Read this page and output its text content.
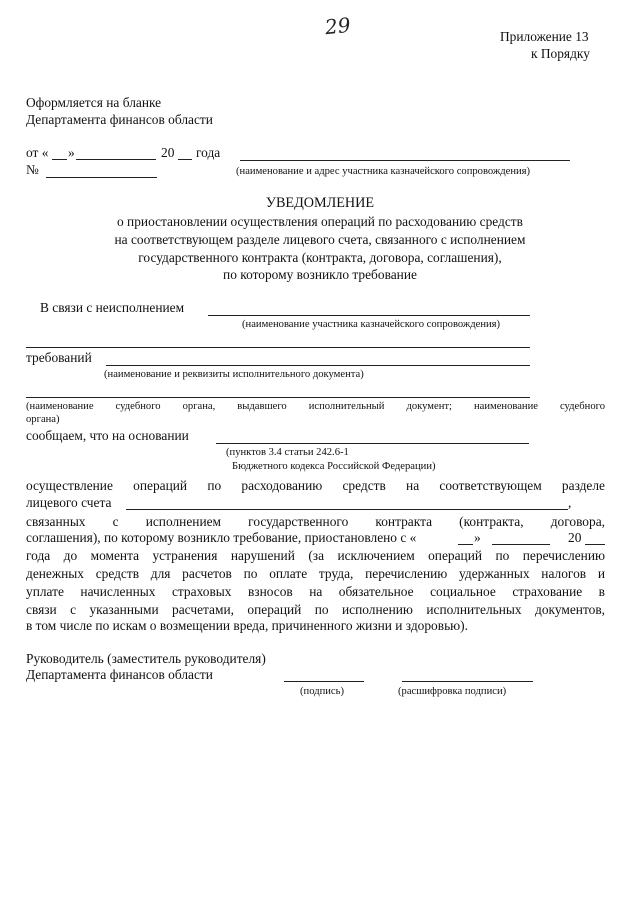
29	Приложение 13
к Порядку
Оформляется на бланке
Департамента финансов области
от « »	20 года
№	(наименование и адрес участника казначейского сопровождения)
УВЕДОМЛЕНИЕ
о приостановлении осуществления операций по расходованию средств
на соответствующем разделе лицевого счета, связанного с исполнением
государственного контракта (контракта, договора, соглашения),
по которому возникло требование
В связи с неисполнением
(наименование участника казначейского сопровождения)
требований
(наименование и реквизиты исполнительного документа)
(наименование судебного органа, выдавшего исполнительный документ; наименование судебного
органа)
сообщаем, что на основании
(пунктов 3.4 статьи 242.6-1
Бюджетного кодекса Российской Федерации)
осуществление операций по расходованию средств на соответствующем разделе
лицевого счета	,
связанных с исполнением государственного контракта (контракта, договора,
соглашения), по которому возникло требование, приостановлено с «	»	20
года до момента устранения нарушений (за исключением операций по перечислению
денежных средств для расчетов по оплате труда, перечислению удержанных налогов и
уплате начисленных страховых взносов на обязательное социальное страхование в
связи с указанными расчетами, операций по исполнению исполнительных документов,
в том числе по искам о возмещении вреда, причиненного жизни и здоровью).
Руководитель (заместитель руководителя)
Департамента финансов области
(подпись)	(расшифровка подписи)
